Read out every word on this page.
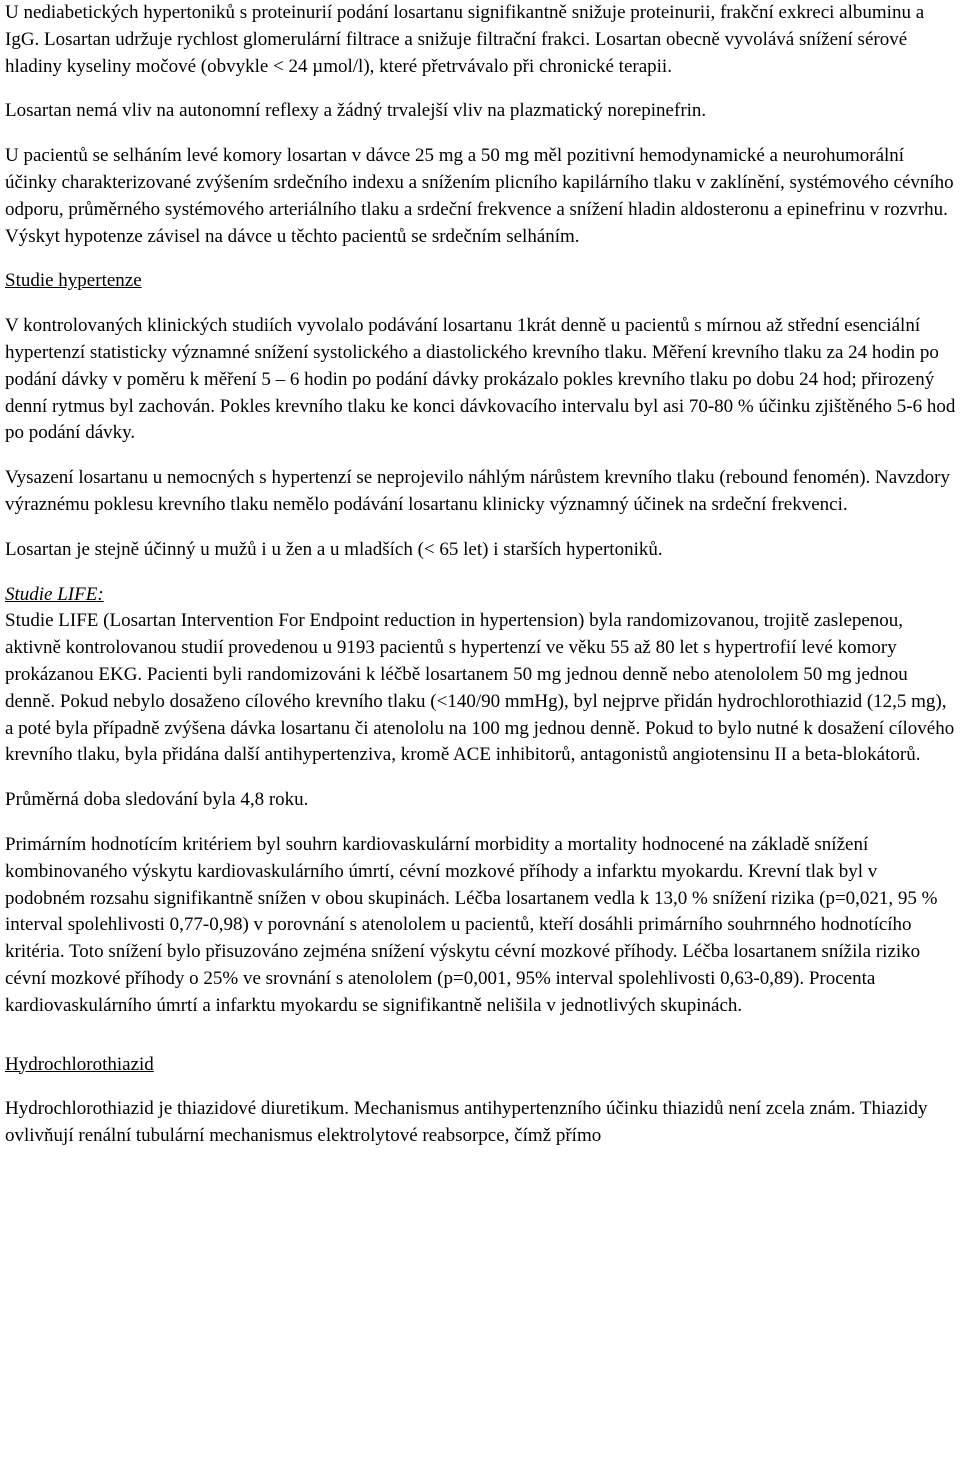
U nediabetických hypertoniků s proteinurií podání losartanu signifikantně snižuje proteinurii, frakční exkreci albuminu a IgG. Losartan udržuje rychlost glomerulární filtrace a snižuje filtrační frakci. Losartan obecně vyvolává snížení sérové hladiny kyseliny močové (obvykle < 24 µmol/l), které přetrvávalo při chronické terapii.

Losartan nemá vliv na autonomní reflexy a žádný trvalejší vliv na plazmatický norepinefrin.

U pacientů se selháním levé komory losartan v dávce 25 mg a 50 mg měl pozitivní hemodynamické a neurohumorální účinky charakterizované zvýšením srdečního indexu a snížením plicního kapilárního tlaku v zaklínění, systémového cévního odporu, průměrného systémového arteriálního tlaku a srdeční frekvence a snížení hladin aldosteronu a epinefrinu v rozvrhu. Výskyt hypotenze závisel na dávce u těchto pacientů se srdečním selháním.

Studie hypertenze

V kontrolovaných klinických studiích vyvolalo podávání losartanu 1krát denně u pacientů s mírnou až střední esenciální hypertenzí statisticky významné snížení systolického a diastolického krevního tlaku. Měření krevního tlaku za 24 hodin po podání dávky v poměru k měření 5 – 6 hodin po podání dávky prokázalo pokles krevního tlaku po dobu 24 hod; přirozený denní rytmus byl zachován. Pokles krevního tlaku ke konci dávkovacího intervalu byl asi 70-80 % účinku zjištěného 5-6 hod po podání dávky.

Vysazení losartanu u nemocných s hypertenzí se neprojevilo náhlým nárůstem krevního tlaku (rebound fenomén). Navzdory výraznému poklesu krevního tlaku nemělo podávání losartanu klinicky významný účinek na srdeční frekvenci.

Losartan je stejně účinný u mužů i u žen a u mladších (< 65 let) i starších hypertoniků.

Studie LIFE:

Studie LIFE (Losartan Intervention For Endpoint reduction in hypertension) byla randomizovanou, trojitě zaslepenou, aktivně kontrolovanou studií provedenou u 9193 pacientů s hypertenzí ve věku 55 až 80 let s hypertrofií levé komory prokázanou EKG. Pacienti byli randomizováni k léčbě losartanem 50 mg jednou denně nebo atenololem 50 mg jednou denně. Pokud nebylo dosaženo cílového krevního tlaku (<140/90 mmHg), byl nejprve přidán hydrochlorothiazid (12,5 mg), a poté byla případně zvýšena dávka losartanu či atenololu na 100 mg jednou denně. Pokud to bylo nutné k dosažení cílového krevního tlaku, byla přidána další antihypertenziva, kromě ACE inhibitorů, antagonistů angiotensinu II a beta-blokátorů.

Průměrná doba sledování byla 4,8 roku.

Primárním hodnotícím kritériem byl souhrn kardiovaskulární morbidity a mortality hodnocené na základě snížení kombinovaného výskytu kardiovaskulárního úmrtí, cévní mozkové příhody a infarktu myokardu. Krevní tlak byl v podobném rozsahu signifikantně snížen v obou skupinách. Léčba losartanem vedla k 13,0 % snížení rizika (p=0,021, 95 % interval spolehlivosti 0,77-0,98) v porovnání s atenololem u pacientů, kteří dosáhli primárního souhrnného hodnotícího kritéria. Toto snížení bylo přisuzováno zejména snížení výskytu cévní mozkové příhody. Léčba losartanem snížila riziko cévní mozkové příhody o 25% ve srovnání s atenololem (p=0,001, 95% interval spolehlivosti 0,63-0,89). Procenta kardiovaskulárního úmrtí a infarktu myokardu se signifikantně nelišila v jednotlivých skupinách.

Hydrochlorothiazid

Hydrochlorothiazid je thiazidové diuretikum. Mechanismus antihypertenzního účinku thiazidů není zcela znám. Thiazidy ovlivňují renální tubulární mechanismus elektrolytové reabsorpce, čímž přímo
